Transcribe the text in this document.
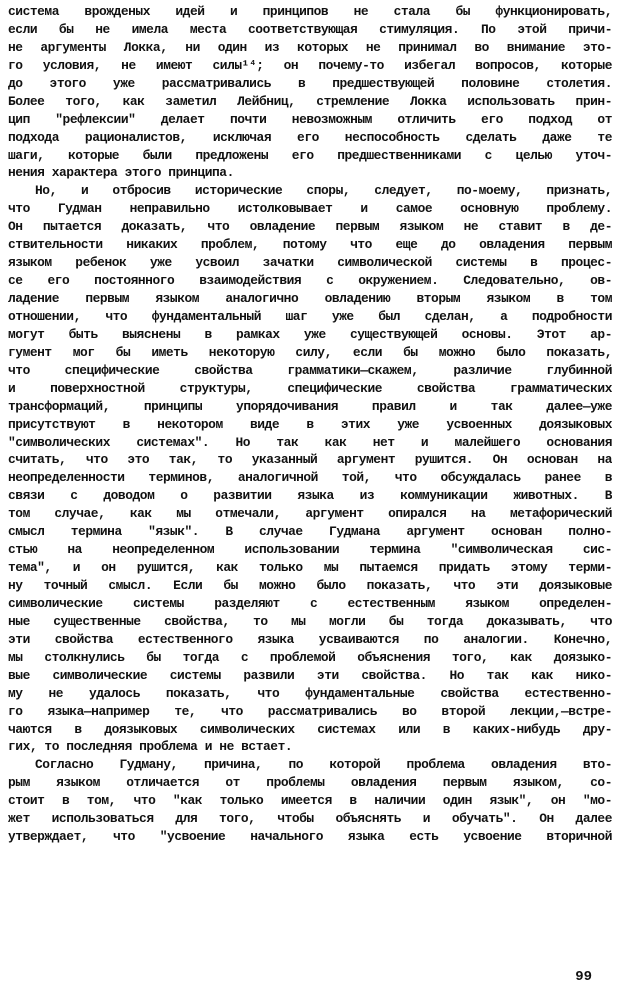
система врожденых идей и принципов не стала бы функционировать,
если бы не имела места соответствующая стимуляция. По этой причи-
не аргументы Локка, ни один из которых не принимал во внимание это-
го условия, не имеют силы¹⁴; он почему-то избегал вопросов, которые
до этого уже рассматривались в предшествующей половине столетия.
Более того, как заметил Лейбниц, стремление Локка использовать прин-
цип "рефлексии" делает почти невозможным отличить его подход от
подхода рационалистов, исключая его неспособность сделать даже те
шаги, которые были предложены его предшественниками с целью уточ-
нения характера этого принципа.
Но, и отбросив исторические споры, следует, по-моему, признать,
что Гудман неправильно истолковывает и самое основную проблему.
Он пытается доказать, что овладение первым языком не ставит в де-
ствительности никаких проблем, потому что еще до овладения первым
языком ребенок уже усвоил зачатки символической системы в процес-
се его постоянного взаимодействия с окружением. Следовательно, ов-
ладение первым языком аналогично овладению вторым языком в том
отношении, что фундаментальный шаг уже был сделан, а подробности
могут быть выяснены в рамках уже существующей основы. Этот ар-
гумент мог бы иметь некоторую силу, если бы можно было показать,
что специфические свойства грамматики—скажем, различие глубинной
и поверхностной структуры, специфические свойства грамматических
трансформаций, принципы упорядочивания правил и так далее—уже
присутствуют в некотором виде в этих уже усвоенных доязыковых
"символических системах". Но так как нет и малейшего основания
считать, что это так, то указанный аргумент рушится. Он основан на
неопределенности терминов, аналогичной той, что обсуждалась ранее в
связи с доводом о развитии языка из коммуникации животных. В
том случае, как мы отмечали, аргумент опирался на метафорический
смысл термина "язык". В случае Гудмана аргумент основан полно-
стью на неопределенном использовании термина "символическая сис-
тема", и он рушится, как только мы пытаемся придать этому терми-
ну точный смысл. Если бы можно было показать, что эти доязыковые
символические системы разделяют с естественным языком определен-
ные существенные свойства, то мы могли бы тогда доказывать, что
эти свойства естественного языка усваиваются по аналогии. Конечно,
мы столкнулись бы тогда с проблемой объяснения того, как доязыко-
вые символические системы развили эти свойства. Но так как нико-
му не удалось показать, что фундаментальные свойства естественно-
го языка—например те, что рассматривались во второй лекции,—встре-
чаются в доязыковых символических системах или в каких-нибудь дру-
гих, то последняя проблема и не встает.
Согласно Гудману, причина, по которой проблема овладения вто-
рым языком отличается от проблемы овладения первым языком, со-
стоит в том, что "как только имеется в наличии один язык", он "мо-
жет использоваться для того, чтобы объяснять и обучать". Он далее
утверждает, что "усвоение начального языка есть усвоение вторичной
99
